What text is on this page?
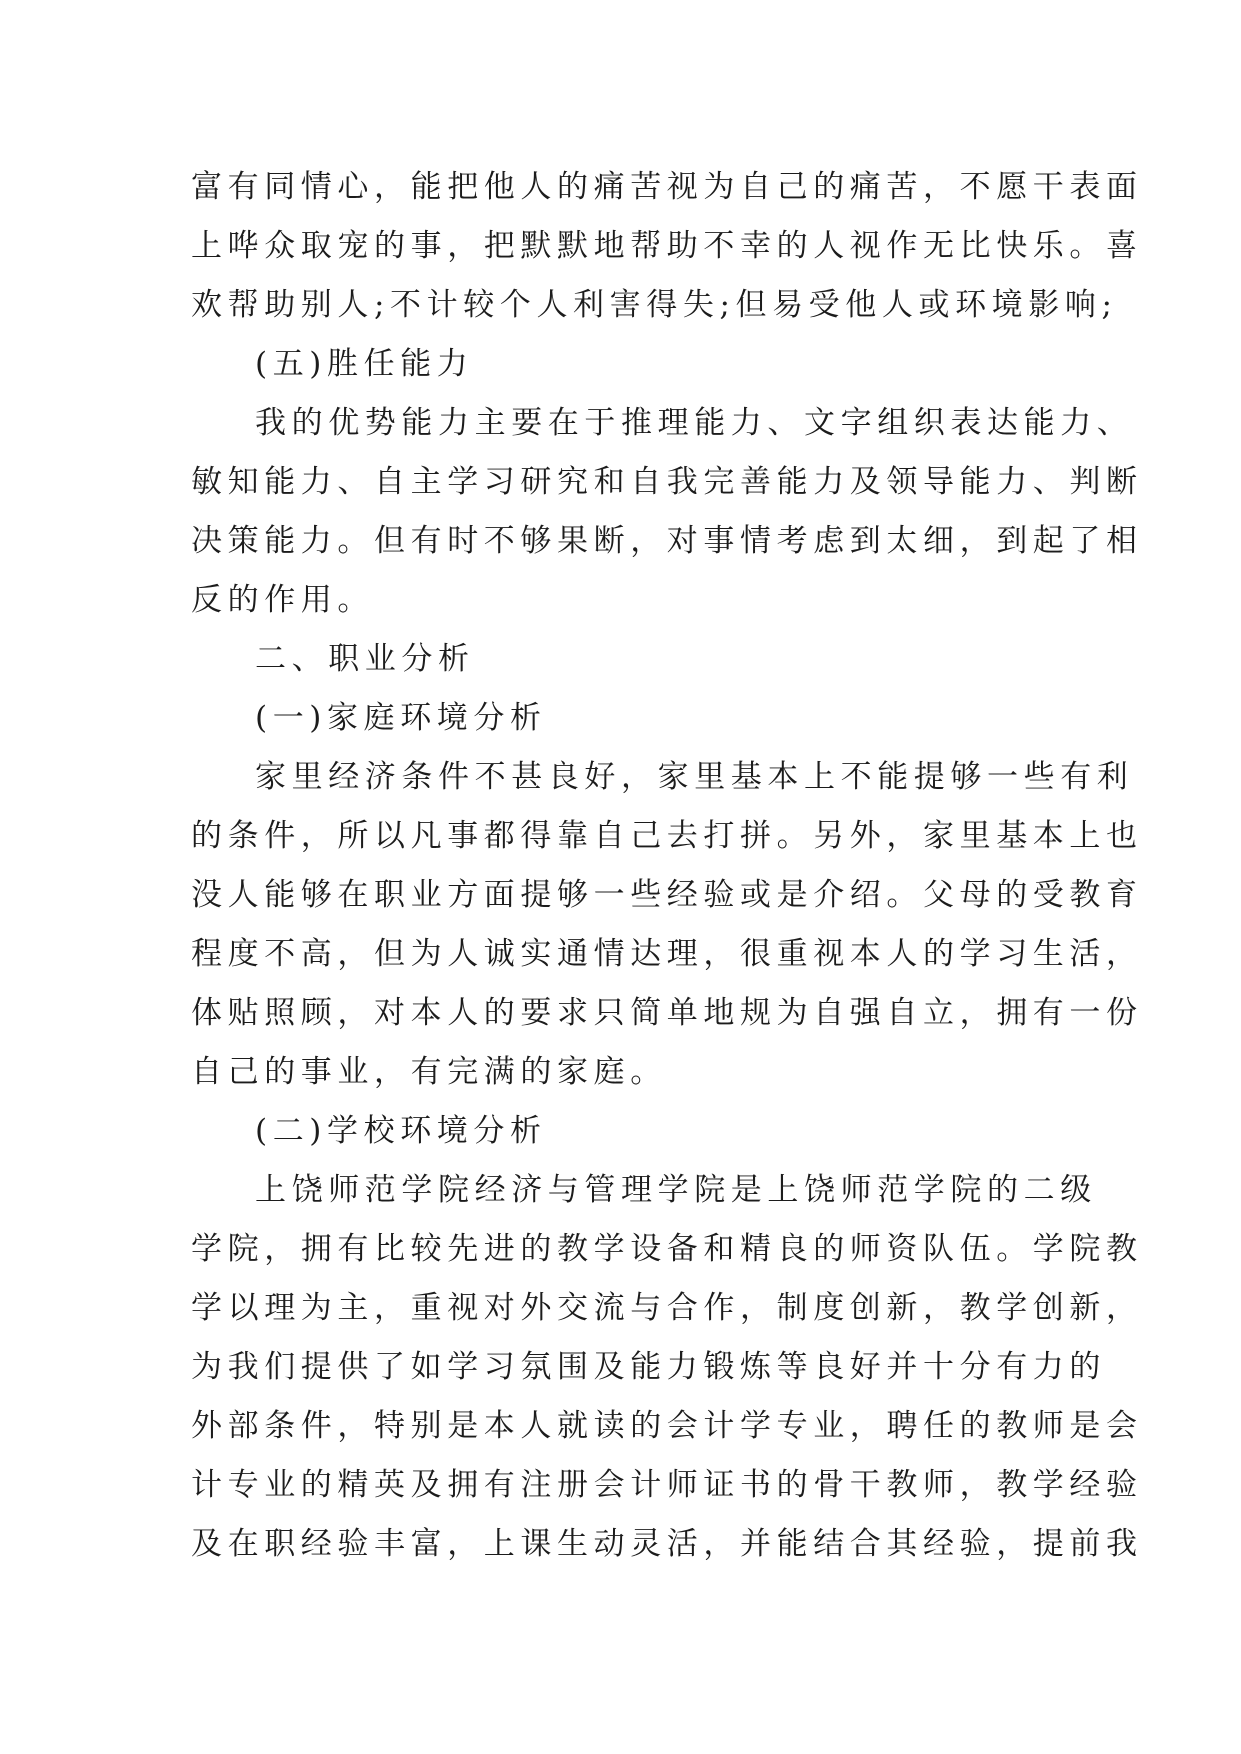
富有同情心，能把他人的痛苦视为自己的痛苦，不愿干表面
上哗众取宠的事，把默默地帮助不幸的人视作无比快乐。喜
欢帮助别人;不计较个人利害得失;但易受他人或环境影响;
(五)胜任能力
我的优势能力主要在于推理能力、文字组织表达能力、
敏知能力、自主学习研究和自我完善能力及领导能力、判断
决策能力。但有时不够果断，对事情考虑到太细，到起了相
反的作用。
二、职业分析
(一)家庭环境分析
家里经济条件不甚良好，家里基本上不能提够一些有利
的条件，所以凡事都得靠自己去打拼。另外，家里基本上也
没人能够在职业方面提够一些经验或是介绍。父母的受教育
程度不高，但为人诚实通情达理，很重视本人的学习生活，
体贴照顾，对本人的要求只简单地规为自强自立，拥有一份
自己的事业，有完满的家庭。
(二)学校环境分析
上饶师范学院经济与管理学院是上饶师范学院的二级
学院，拥有比较先进的教学设备和精良的师资队伍。学院教
学以理为主，重视对外交流与合作，制度创新，教学创新，
为我们提供了如学习氛围及能力锻炼等良好并十分有力的
外部条件，特别是本人就读的会计学专业，聘任的教师是会
计专业的精英及拥有注册会计师证书的骨干教师，教学经验
及在职经验丰富，上课生动灵活，并能结合其经验，提前我
